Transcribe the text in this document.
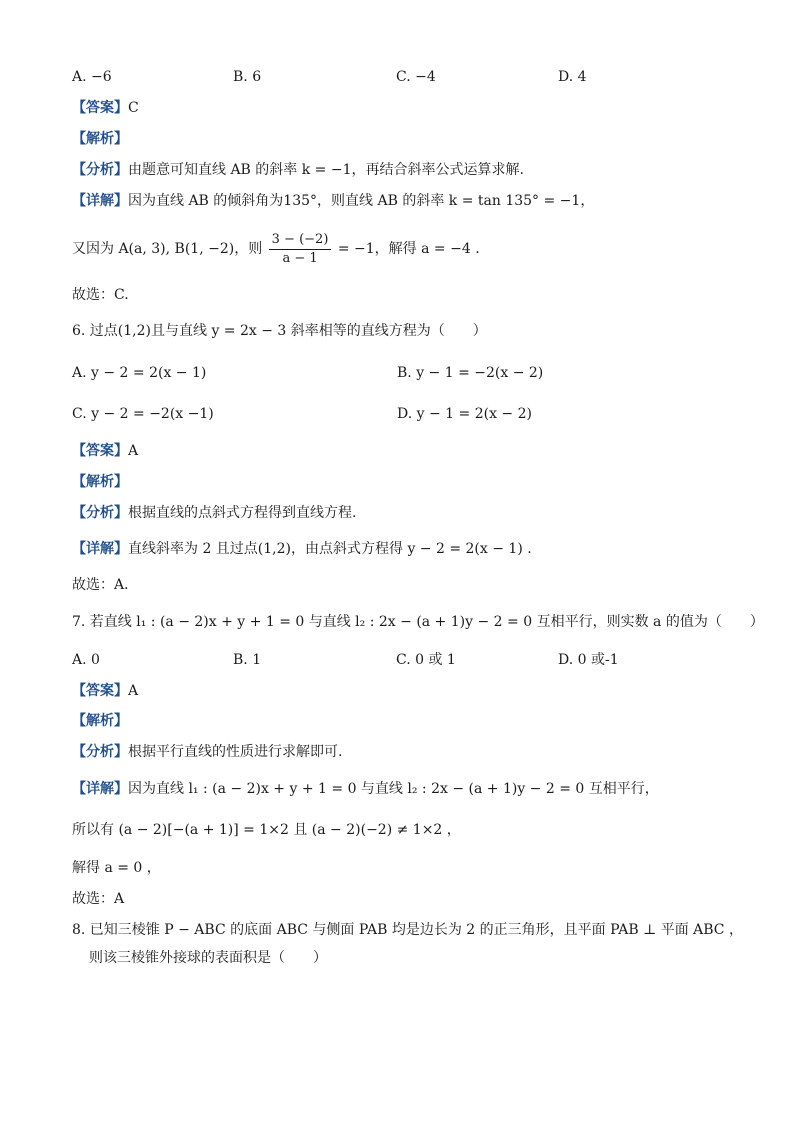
A. −6	B. 6	C. −4	D. 4
【答案】C
【解析】
【分析】由题意可知直线 AB 的斜率 k = −1，再结合斜率公式运算求解.
【详解】因为直线 AB 的倾斜角为135°，则直线 AB 的斜率 k = tan 135° = −1，
又因为 A(a, 3), B(1, −2)，则 $\frac{3 - (-2)}{a - 1} = -1$，解得 a = −4 .
故选：C.
6. 过点(1,2)且与直线 y = 2x − 3 斜率相等的直线方程为（　　）
A. y − 2 = 2(x − 1)	B. y − 1 = −2(x − 2)
C. y − 2 = −2(x −1)	D. y − 1 = 2(x − 2)
【答案】A
【解析】
【分析】根据直线的点斜式方程得到直线方程.
【详解】直线斜率为 2 且过点(1,2)，由点斜式方程得 y − 2 = 2(x − 1) .
故选：A．
7. 若直线 l₁ : (a − 2)x + y + 1 = 0 与直线 l₂ : 2x − (a + 1)y − 2 = 0 互相平行，则实数 a 的值为（　　）
A. 0	B. 1	C. 0 或 1	D. 0 或-1
【答案】A
【解析】
【分析】根据平行直线的性质进行求解即可.
【详解】因为直线 l₁ : (a − 2)x + y + 1 = 0 与直线 l₂ : 2x − (a + 1)y − 2 = 0 互相平行，
所以有 (a − 2)[−(a + 1)] = 1×2 且 (a − 2)(−2) ≠ 1×2 ，
解得 a = 0 ，
故选：A
8. 已知三棱锥 P − ABC 的底面 ABC 与侧面 PAB 均是边长为 2 的正三角形，且平面 PAB ⊥ 平面 ABC ，
则该三棱锥外接球的表面积是（　　）
